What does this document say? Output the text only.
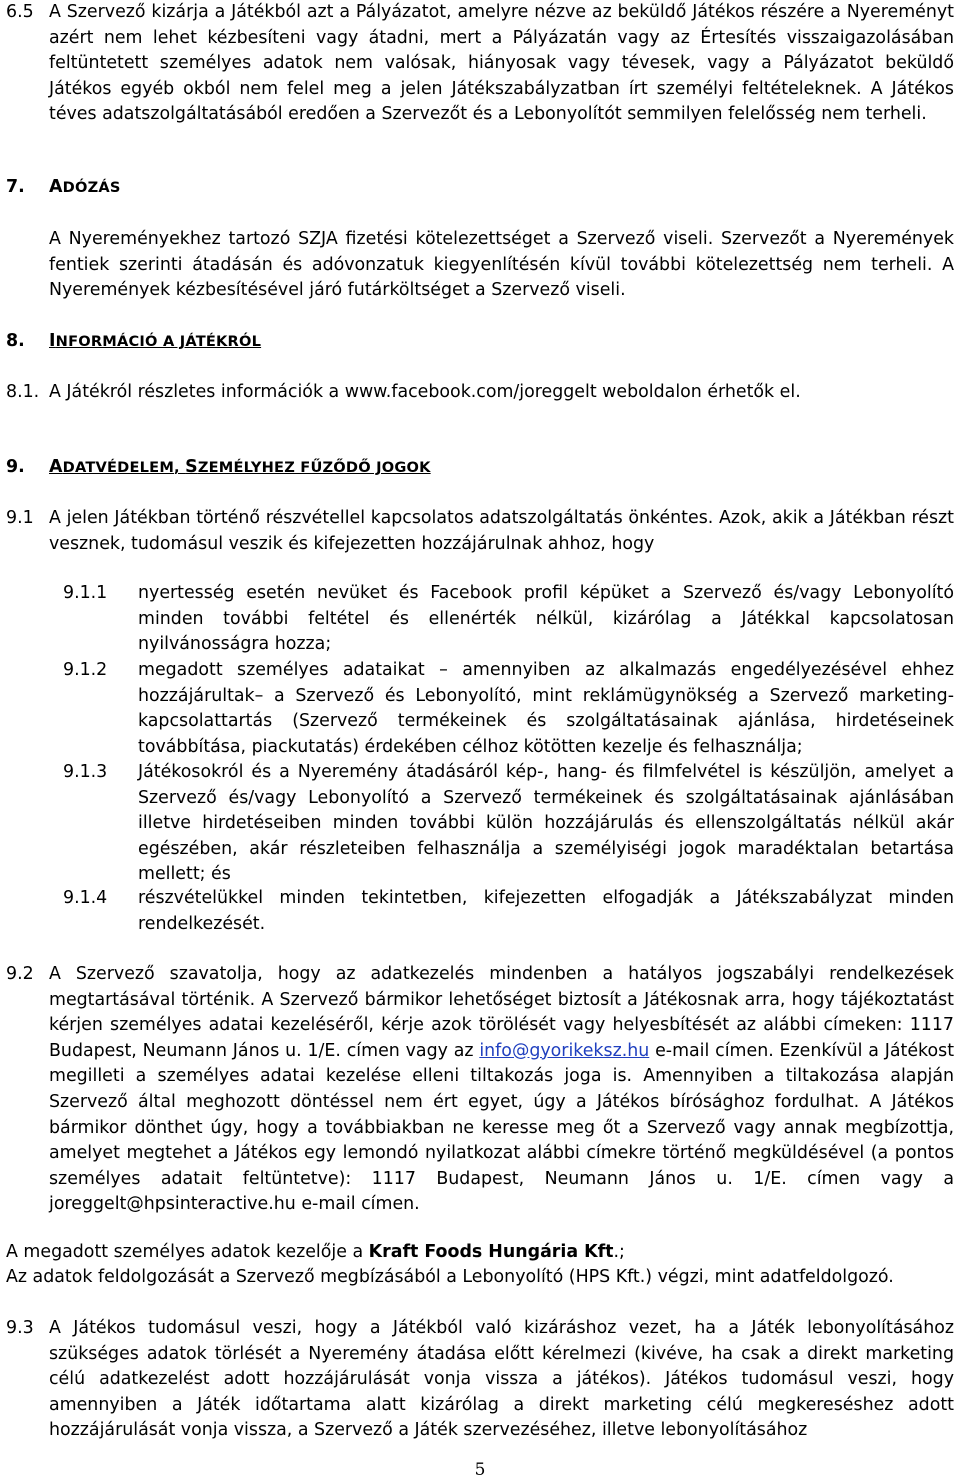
6.5 A Szervező kizárja a Játékból azt a Pályázatot, amelyre nézve az beküldő Játékos részére a Nyereményt azért nem lehet kézbesíteni vagy átadni, mert a Pályázatán vagy az Értesítés visszaigazolásában feltüntetett személyes adatok nem valósak, hiányosak vagy tévesek, vagy a Pályázatot beküldő Játékos egyéb okból nem felel meg a jelen Játékszabályzatban írt személyi feltételeknek. A Játékos téves adatszolgáltatásából eredően a Szervezőt és a Lebonyolítót semmilyen felelősség nem terheli.
7. ADÓZÁS
A Nyereményekhez tartozó SZJA fizetési kötelezettséget a Szervező viseli. Szervezőt a Nyeremények fentiek szerinti átadásán és adóvonzatuk kiegyenlítésén kívül további kötelezettség nem terheli. A Nyeremények kézbesítésével járó futárköltséget a Szervező viseli.
8. INFORMÁCIÓ A JÁTÉKRÓL
8.1. A Játékról részletes információk a www.facebook.com/joreggelt weboldalon érhetők el.
9. ADATVÉDELEM, SZEMÉLYHEZ FŰZŐDŐ JOGOK
9.1 A jelen Játékban történő részvétellel kapcsolatos adatszolgáltatás önkéntes. Azok, akik a Játékban részt vesznek, tudomásul veszik és kifejezetten hozzájárulnak ahhoz, hogy
9.1.1 nyertesség esetén nevüket és Facebook profil képüket a Szervező és/vagy Lebonyolító minden további feltétel és ellenérték nélkül, kizárólag a Játékkal kapcsolatosan nyilvánosságra hozza;
9.1.2 megadott személyes adataikat – amennyiben az alkalmazás engedélyezésével ehhez hozzájárultak– a Szervező és Lebonyolító, mint reklámügynökség a Szervező marketing-kapcsolattartás (Szervező termékeinek és szolgáltatásainak ajánlása, hirdetéseinek továbbítása, piackutatás) érdekében célhoz kötötten kezelje és felhasználja;
9.1.3 Játékosokról és a Nyeremény átadásáról kép-, hang- és filmfelvétel is készüljön, amelyet a Szervező és/vagy Lebonyolító a Szervező termékeinek és szolgáltatásainak ajánlásában illetve hirdetéseiben minden további külön hozzájárulás és ellenszolgáltatás nélkül akár egészében, akár részleteiben felhasználja a személyiségi jogok maradéktalan betartása mellett; és
9.1.4 részvételükkel minden tekintetben, kifejezetten elfogadják a Játékszabályzat minden rendelkezését.
9.2 A Szervező szavatolja, hogy az adatkezelés mindenben a hatályos jogszabályi rendelkezések megtartásával történik. A Szervező bármikor lehetőséget biztosít a Játékosnak arra, hogy tájékoztatást kérjen személyes adatai kezeléséről, kérje azok törölését vagy helyesbítését az alábbi címeken: 1117 Budapest, Neumann János u. 1/E. címen vagy az info@gyorikeksz.hu e-mail címen. Ezenkívül a Játékost megilleti a személyes adatai kezelése elleni tiltakozás joga is. Amennyiben a tiltakozása alapján Szervező által meghozott döntéssel nem ért egyet, úgy a Játékos bírósághoz fordulhat. A Játékos bármikor dönthet úgy, hogy a továbbiakban ne keresse meg őt a Szervező vagy annak megbízottja, amelyet megtehet a Játékos egy lemondó nyilatkozat alábbi címekre történő megküldésével (a pontos személyes adatait feltüntetve): 1117 Budapest, Neumann János u. 1/E. címen vagy a joreggelt@hpsinteractive.hu e-mail címen.
A megadott személyes adatok kezelője a Kraft Foods Hungária Kft.;
Az adatok feldolgozását a Szervező megbízásából a Lebonyolító (HPS Kft.) végzi, mint adatfeldolgozó.
9.3 A Játékos tudomásul veszi, hogy a Játékból való kizáráshoz vezet, ha a Játék lebonyolításához szükséges adatok törlését a Nyeremény átadása előtt kérelmezi (kivéve, ha csak a direkt marketing célú adatkezelést adott hozzájárulását vonja vissza a játékos). Játékos tudomásul veszi, hogy amennyiben a Játék időtartama alatt kizárólag a direkt marketing célú megkereséshez adott hozzájárulását vonja vissza, a Szervező a Játék szervezéséhez, illetve lebonyolításához
5
